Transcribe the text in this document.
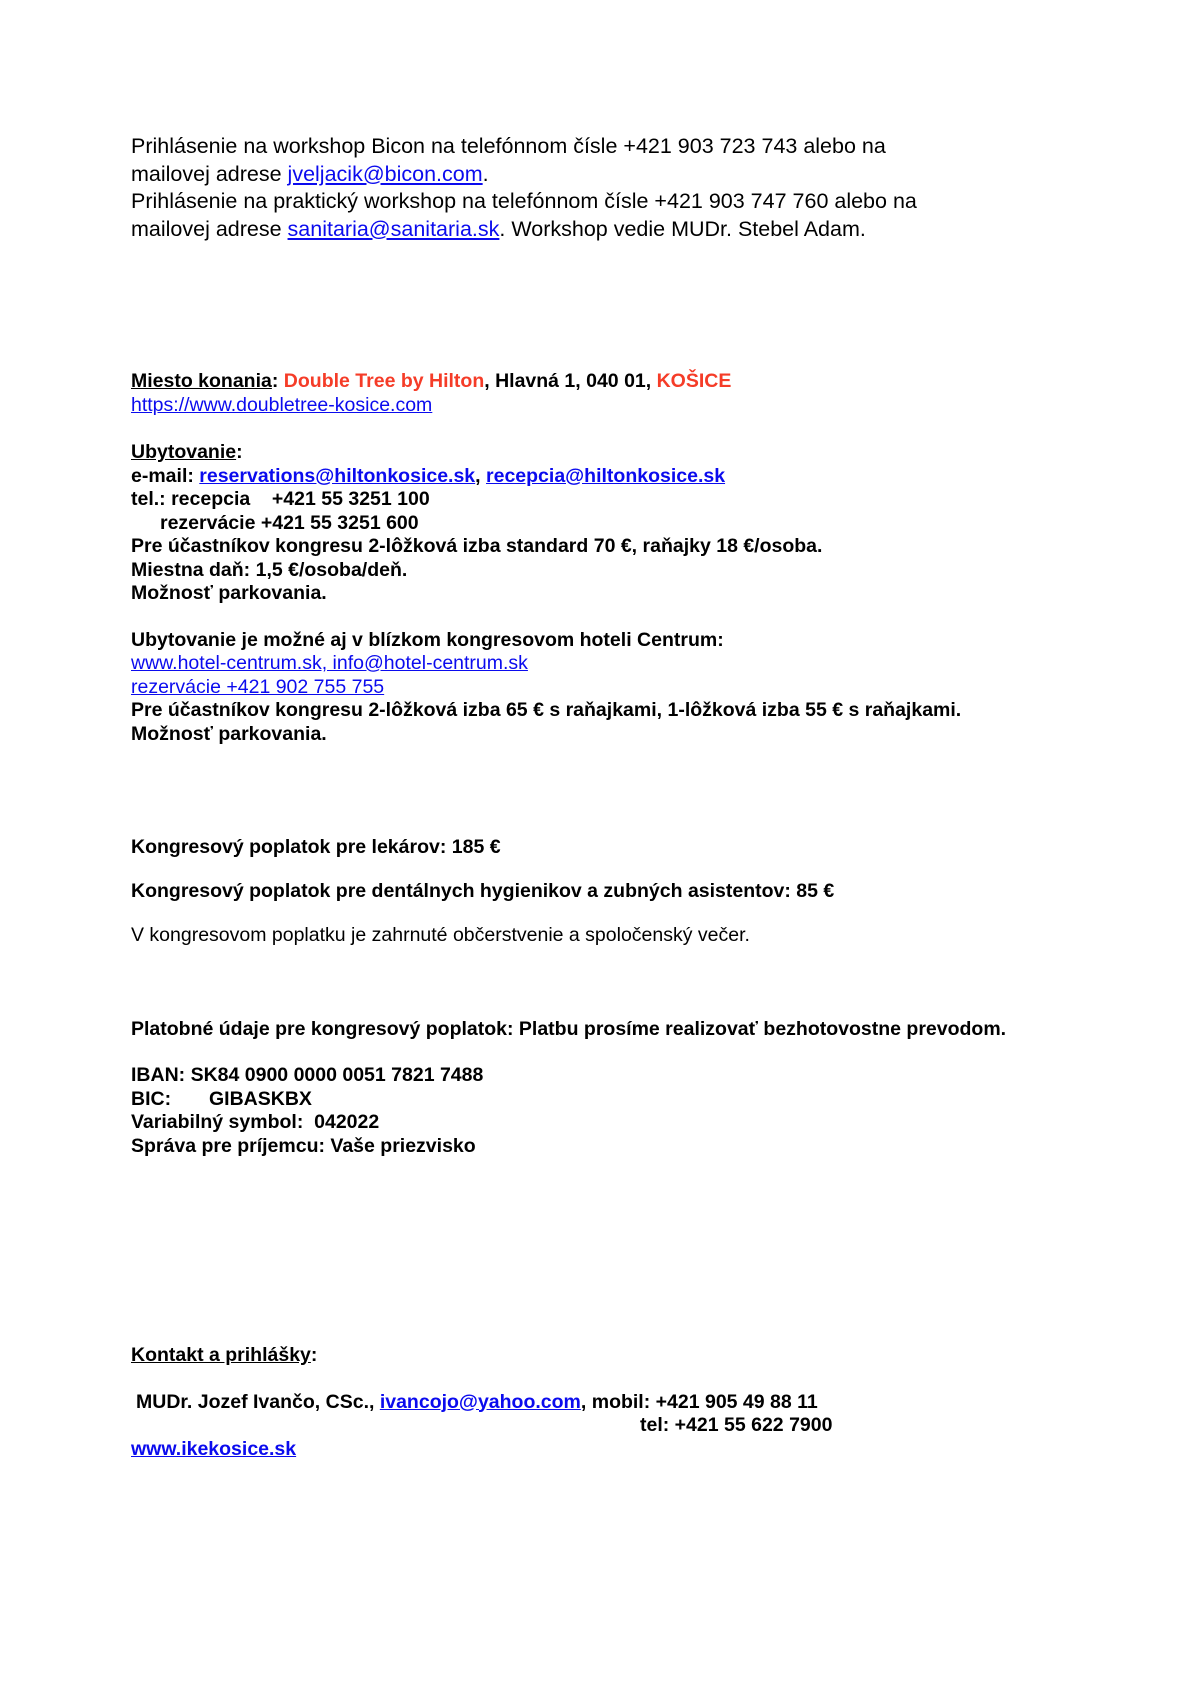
Prihlásenie na workshop Bicon na telefónnom čísle +421 903 723 743 alebo na
mailovej adrese jveljacik@bicon.com.
Prihlásenie na praktický workshop na telefónnom čísle +421 903 747 760 alebo na
mailovej adrese sanitaria@sanitaria.sk. Workshop vedie MUDr. Stebel Adam.
Miesto konania: Double Tree by Hilton, Hlavná 1, 040 01, KOŠICE
https://www.doubletree-kosice.com
Ubytovanie:
e-mail: reservations@hiltonkosice.sk, recepcia@hiltonkosice.sk
tel.: recepcia    +421 55 3251 100
rezervácie +421 55 3251 600
Pre účastníkov kongresu 2-lôžková izba standard 70 €, raňajky 18 €/osoba.
Miestna daň: 1,5 €/osoba/deň.
Možnosť parkovania.
Ubytovanie je možné aj v blízkom kongresovom hoteli Centrum:
www.hotel-centrum.sk, info@hotel-centrum.sk
rezervácie +421 902 755 755
Pre účastníkov kongresu 2-lôžková izba 65 € s raňajkami, 1-lôžková izba 55 € s raňajkami.
Možnosť parkovania.
Kongresový poplatok pre lekárov: 185 €
Kongresový poplatok pre dentálnych hygienikov a zubných asistentov: 85 €
V kongresovom poplatku je zahrnuté občerstvenie a spoločenský večer.
Platobné údaje pre kongresový poplatok: Platbu prosíme realizovať bezhotovostne prevodom.
IBAN: SK84 0900 0000 0051 7821 7488
BIC:       GIBASKBX
Variabilný symbol:  042022
Správa pre príjemcu: Vaše priezvisko
Kontakt a prihlášky:
MUDr. Jozef Ivančo, CSc., ivancojo@yahoo.com, mobil: +421 905 49 88 11
tel: +421 55 622 7900
www.ikekosice.sk
